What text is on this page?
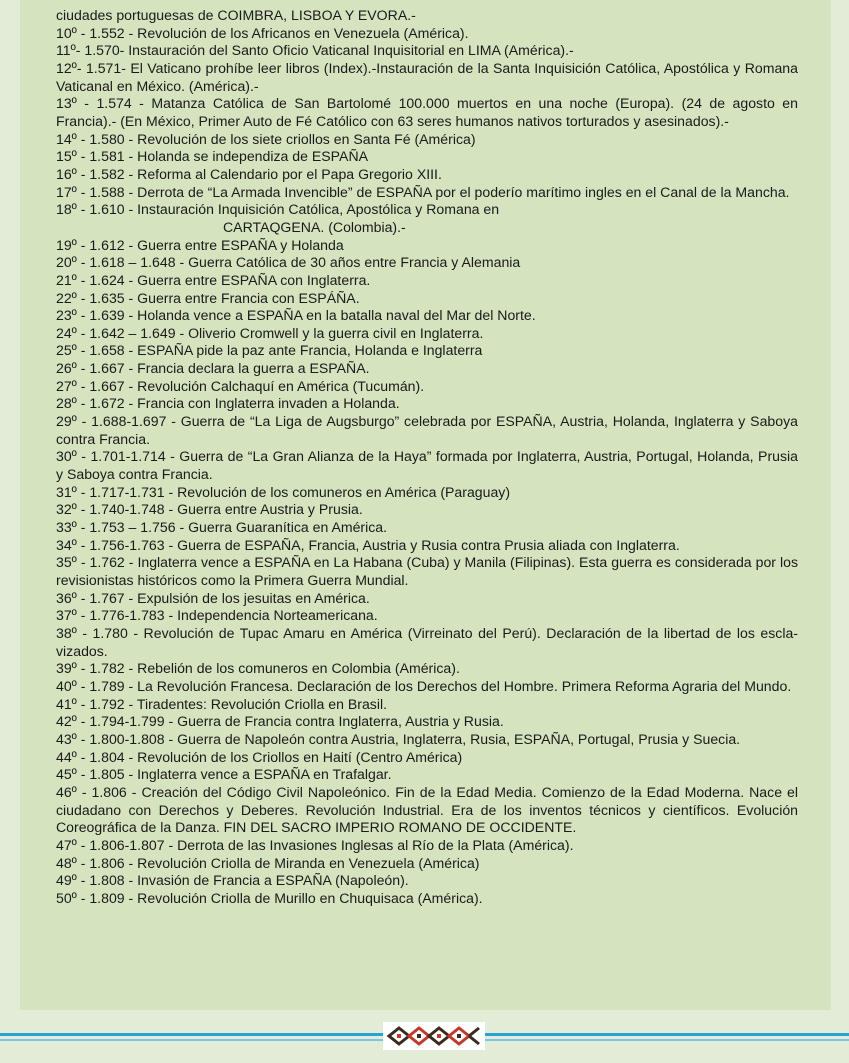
ciudades portuguesas de COIMBRA, LISBOA Y EVORA.-
10º - 1.552 - Revolución de los Africanos en Venezuela (América).
11º- 1.570- Instauración del Santo Oficio Vaticanal Inquisitorial en LIMA (América).-
12º- 1.571- El Vaticano prohíbe leer libros (Index).-Instauración de la Santa Inquisición Católica, Apostólica y Romana Vaticanal en México. (América).-
13º - 1.574 - Matanza Católica de San Bartolomé 100.000 muertos en una noche (Europa). (24 de agosto en Francia).- (En México, Primer Auto de Fé Católico con 63 seres humanos nativos torturados y asesinados).-
14º - 1.580 - Revolución de los siete criollos en Santa Fé (América)
15º - 1.581 - Holanda se independiza de ESPAÑA
16º - 1.582 - Reforma al Calendario por el Papa Gregorio XIII.
17º - 1.588 - Derrota de “La Armada Invencible” de ESPAÑA por el poderío marítimo ingles en el Canal de la Mancha.
18º - 1.610 - Instauración Inquisición Católica, Apostólica y Romana en
CARTAQGENA. (Colombia).-
19º - 1.612 - Guerra entre ESPAÑA y Holanda
20º - 1.618 – 1.648 - Guerra Católica de 30 años entre Francia y Alemania
21º - 1.624 - Guerra entre ESPAÑA con Inglaterra.
22º - 1.635 - Guerra entre Francia con ESPÁÑA.
23º - 1.639 - Holanda vence a ESPAÑA en la batalla naval del Mar del Norte.
24º - 1.642 – 1.649 - Oliverio Cromwell y la guerra civil en Inglaterra.
25º - 1.658 - ESPAÑA pide la paz ante Francia, Holanda e Inglaterra
26º - 1.667 - Francia declara la guerra a ESPAÑA.
27º - 1.667 - Revolución Calchaquí en América (Tucumán).
28º - 1.672 - Francia con Inglaterra invaden a Holanda.
29º - 1.688-1.697 - Guerra de “La Liga de Augsburgo” celebrada por ESPAÑA, Austria, Holanda, Inglaterra y Saboya contra Francia.
30º - 1.701-1.714 - Guerra de “La Gran Alianza de la Haya” formada por Inglaterra, Austria, Portugal, Holanda, Prusia y Saboya contra Francia.
31º - 1.717-1.731 - Revolución de los comuneros en América (Paraguay)
32º - 1.740-1.748 - Guerra entre Austria y Prusia.
33º - 1.753 – 1.756 - Guerra Guaranítica en América.
34º - 1.756-1.763 - Guerra de ESPAÑA, Francia, Austria y Rusia contra Prusia aliada con Inglaterra.
35º - 1.762 - Inglaterra vence a ESPAÑA en La Habana (Cuba) y Manila (Filipinas). Esta guerra es considerada por los revisionistas históricos como la Primera Guerra Mundial.
36º - 1.767 - Expulsión de los jesuitas en América.
37º - 1.776-1.783 - Independencia Norteamericana.
38º - 1.780 - Revolución de Tupac Amaru en América (Virreinato del Perú). Declaración de la libertad de los escla-vizados.
39º - 1.782 - Rebelión de los comuneros en Colombia (América).
40º - 1.789 - La Revolución Francesa. Declaración de los Derechos del Hombre. Primera Reforma Agraria del Mundo.
41º - 1.792 - Tiradentes: Revolución Criolla en Brasil.
42º - 1.794-1.799 - Guerra de Francia contra Inglaterra, Austria y Rusia.
43º - 1.800-1.808 - Guerra de Napoleón contra Austria, Inglaterra, Rusia, ESPAÑA, Portugal, Prusia y Suecia.
44º - 1.804 - Revolución de los Criollos en Haití (Centro América)
45º - 1.805 - Inglaterra vence a ESPAÑA en Trafalgar.
46º - 1.806 - Creación del Código Civil Napoleónico. Fin de la Edad Media. Comienzo de la Edad Moderna. Nace el ciudadano con Derechos y Deberes. Revolución Industrial. Era de los inventos técnicos y científicos. Evolución Coreográfica de la Danza. FIN DEL SACRO IMPERIO ROMANO DE OCCIDENTE.
47º - 1.806-1.807 - Derrota de las Invasiones Inglesas al Río de la Plata (América).
48º - 1.806 - Revolución Criolla de Miranda en Venezuela (América)
49º - 1.808 - Invasión de Francia a ESPAÑA (Napoleón).
50º - 1.809 - Revolución Criolla de Murillo en Chuquisaca (América).
